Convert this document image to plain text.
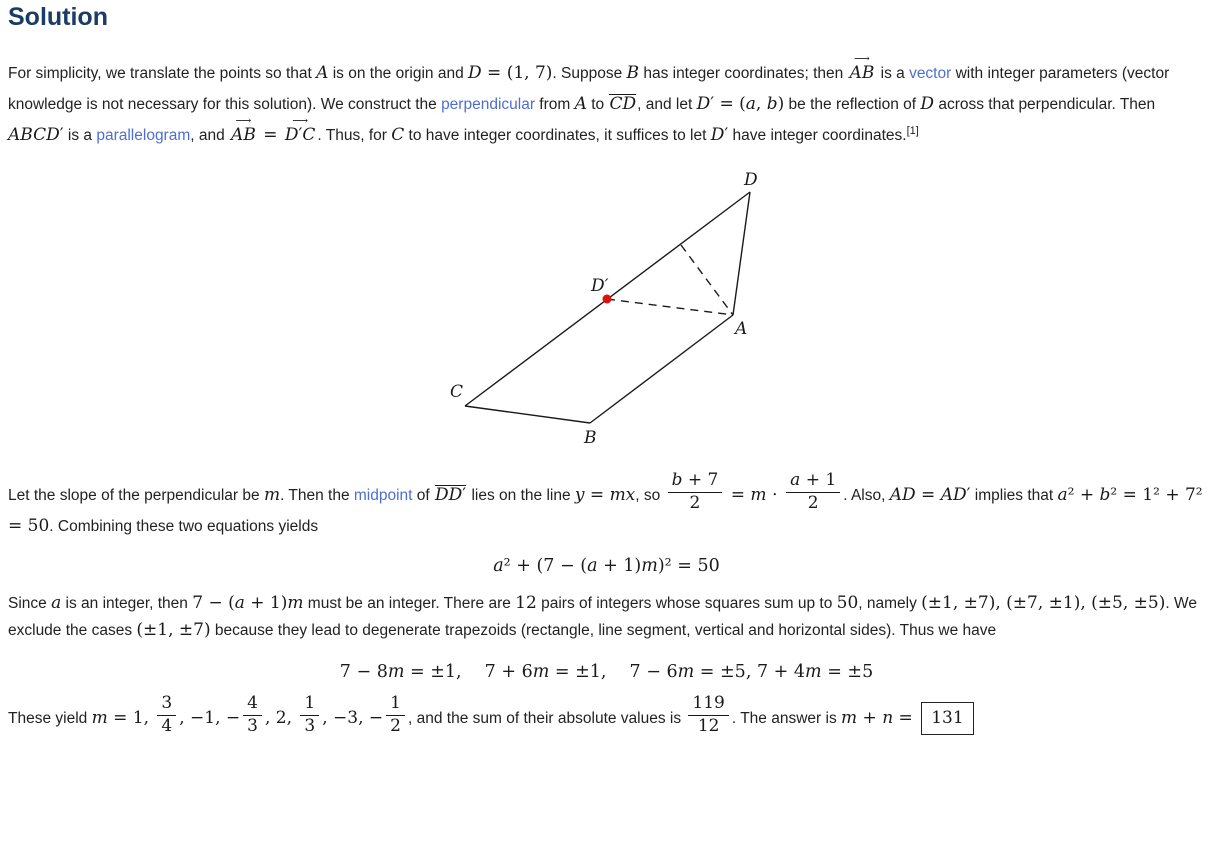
Solution

For simplicity, we translate the points so that A is on the origin and D = (1, 7). Suppose B has integer coordinates; then ⟶ AB is a vector with integer parameters (vector knowledge is not necessary for this solution). We construct the perpendicular from A to CD, and let D′ = (a, b) be the reflection of D across that perpendicular. Then ABCD′ is a parallelogram, and ⟶ AB = ⟶ D′C . Thus, for C to have integer coordinates, it suffices to let D′ have integer coordinates.[1]

D
D′
A
B
C

Let the slope of the perpendicular be m. Then the midpoint of DD′ lies on the line y = mx, so $\frac{b + 7}{2} = m \cdot \frac{a + 1}{2}$ . Also, AD = AD′ implies that a² + b² = 1² + 7² = 50. Combining these two equations yields

a² + (7 − (a + 1)m)² = 50

Since a is an integer, then 7 − (a + 1)m must be an integer. There are 12 pairs of integers whose squares sum up to 50, namely (±1, ±7), (±7, ±1), (±5, ±5). We exclude the cases (±1, ±7) because they lead to degenerate trapezoids (rectangle, line segment, vertical and horizontal sides). Thus we have

7 − 8m = ±1,  7 + 6m = ±1,  7 − 6m = ±5, 7 + 4m = ±5

These yield m = 1, $\frac{3}{4}$ , −1, − $\frac{4}{3}$ , 2, $\frac{1}{3}$ , −3, − $\frac{1}{2}$ , and the sum of their absolute values is $\frac{119}{12}$ . The answer is m + n = 131
